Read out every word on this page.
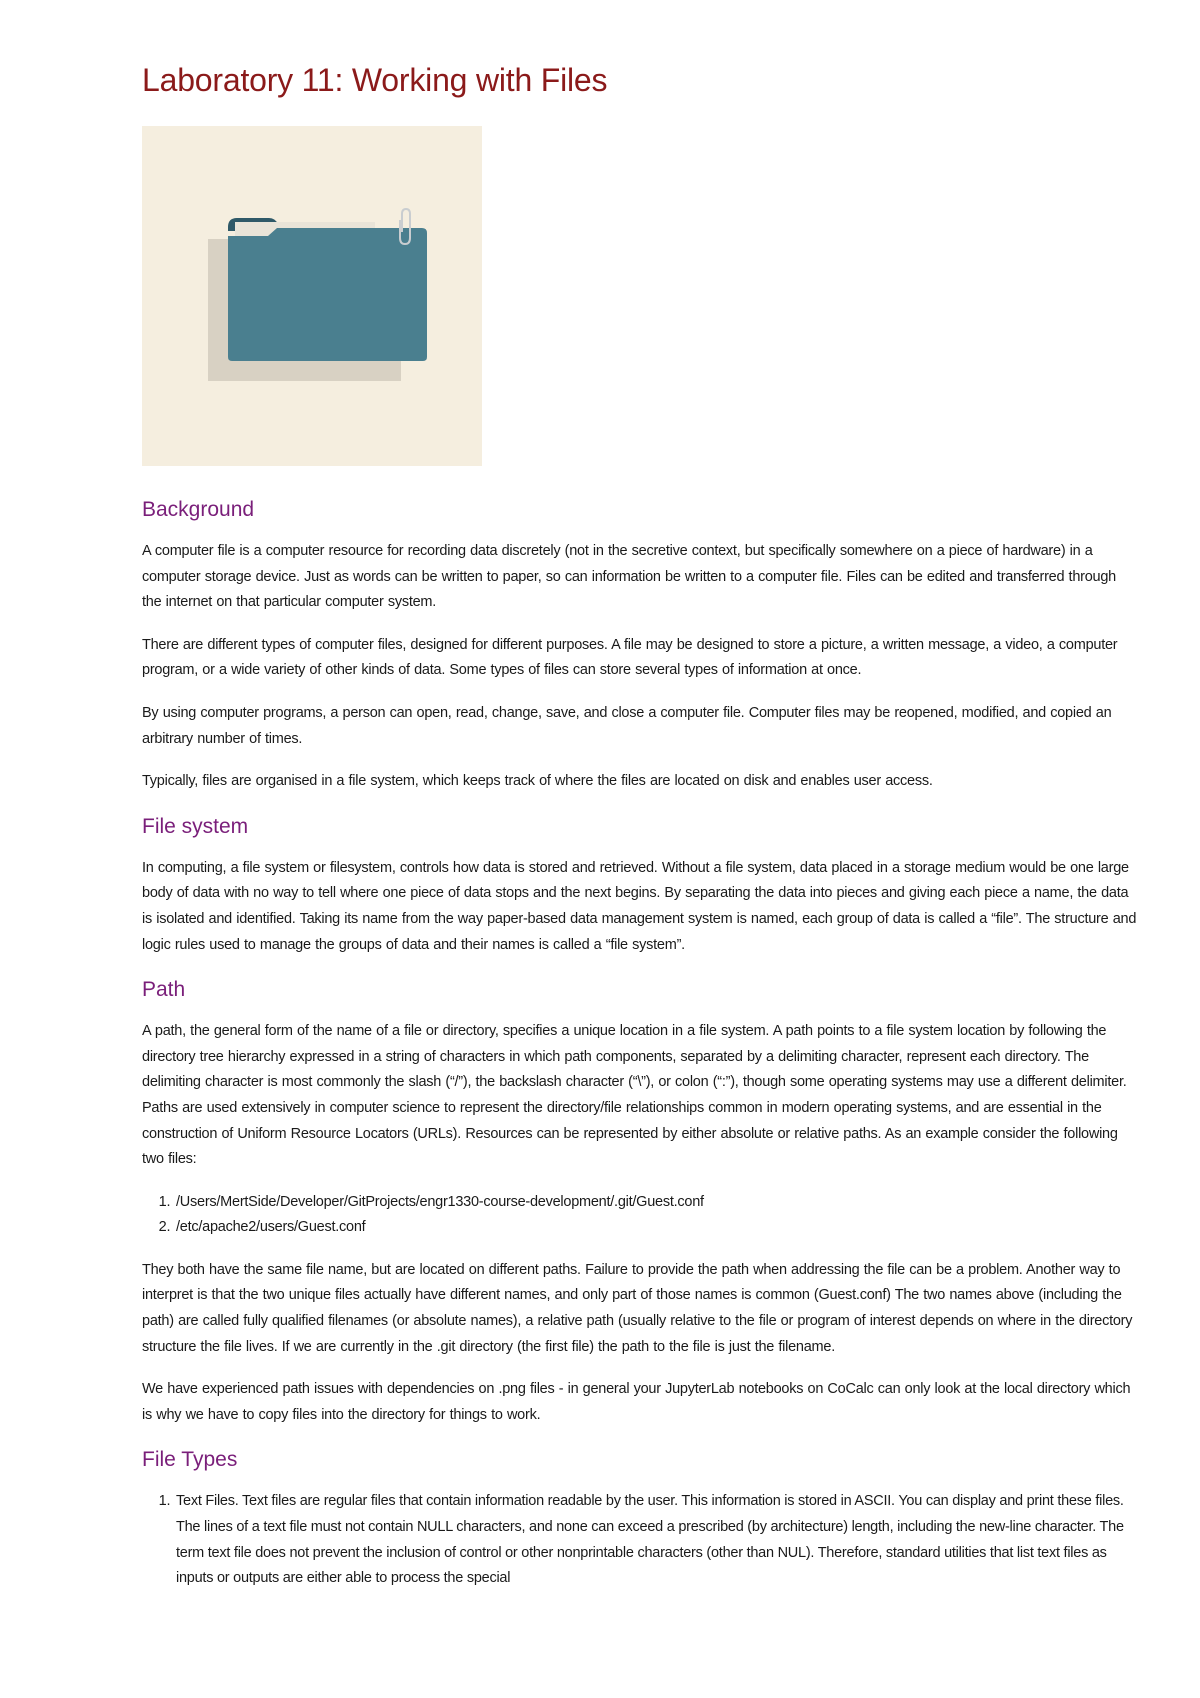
Laboratory 11: Working with Files
Background

A computer file is a computer resource for recording data discretely (not in the secretive context, but specifically somewhere on a piece of hardware) in a computer storage device. Just as words can be written to paper, so can information be written to a computer file. Files can be edited and transferred through the internet on that particular computer system.

There are different types of computer files, designed for different purposes. A file may be designed to store a picture, a written message, a video, a computer program, or a wide variety of other kinds of data. Some types of files can store several types of information at once.

By using computer programs, a person can open, read, change, save, and close a computer file. Computer files may be reopened, modified, and copied an arbitrary number of times.

Typically, files are organised in a file system, which keeps track of where the files are located on disk and enables user access.

File system

In computing, a file system or filesystem, controls how data is stored and retrieved. Without a file system, data placed in a storage medium would be one large body of data with no way to tell where one piece of data stops and the next begins. By separating the data into pieces and giving each piece a name, the data is isolated and identified. Taking its name from the way paper-based data management system is named, each group of data is called a “file”. The structure and logic rules used to manage the groups of data and their names is called a “file system”.

Path

A path, the general form of the name of a file or directory, specifies a unique location in a file system. A path points to a file system location by following the directory tree hierarchy expressed in a string of characters in which path components, separated by a delimiting character, represent each directory. The delimiting character is most commonly the slash (“/”), the backslash character (“\”), or colon (“:”), though some operating systems may use a different delimiter. Paths are used extensively in computer science to represent the directory/file relationships common in modern operating systems, and are essential in the construction of Uniform Resource Locators (URLs). Resources can be represented by either absolute or relative paths. As an example consider the following two files:

1. /Users/MertSide/Developer/GitProjects/engr1330-course-development/.git/Guest.conf
2. /etc/apache2/users/Guest.conf

They both have the same file name, but are located on different paths. Failure to provide the path when addressing the file can be a problem. Another way to interpret is that the two unique files actually have different names, and only part of those names is common (Guest.conf) The two names above (including the path) are called fully qualified filenames (or absolute names), a relative path (usually relative to the file or program of interest depends on where in the directory structure the file lives. If we are currently in the .git directory (the first file) the path to the file is just the filename.

We have experienced path issues with dependencies on .png files - in general your JupyterLab notebooks on CoCalc can only look at the local directory which is why we have to copy files into the directory for things to work.

File Types
1. Text Files. Text files are regular files that contain information readable by the user. This information is stored in ASCII. You can display and print these files. The lines of a text file must not contain NULL characters, and none can exceed a prescribed (by architecture) length, including the new-line character. The term text file does not prevent the inclusion of control or other nonprintable characters (other than NUL). Therefore, standard utilities that list text files as inputs or outputs are either able to process the special
